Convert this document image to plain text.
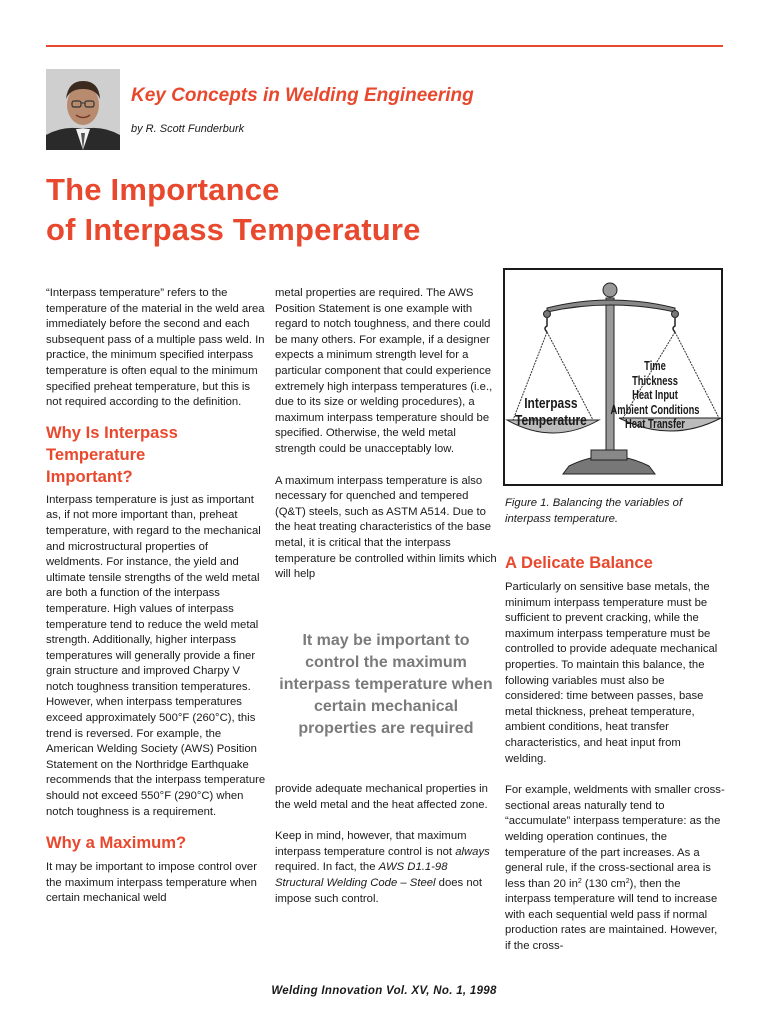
Key Concepts in Welding Engineering
by R. Scott Funderburk
The Importance
of Interpass Temperature

“Interpass temperature” refers to the temperature of the material in the weld area immediately before the second and each subsequent pass of a multiple pass weld. In practice, the minimum specified interpass temperature is often equal to the minimum specified preheat temperature, but this is not required according to the definition.

Why Is Interpass Temperature Important?

Interpass temperature is just as important as, if not more important than, preheat temperature, with regard to the mechanical and microstructural properties of weldments. For instance, the yield and ultimate tensile strengths of the weld metal are both a function of the interpass temperature. High values of interpass temperature tend to reduce the weld metal strength. Additionally, higher interpass temperatures will generally provide a finer grain structure and improved Charpy V notch toughness transition temperatures. However, when interpass temperatures exceed approximately 500°F (260°C), this trend is reversed. For example, the American Welding Society (AWS) Position Statement on the Northridge Earthquake recommends that the interpass temperature should not exceed 550°F (290°C) when notch toughness is a requirement.

Why a Maximum?

It may be important to impose control over the maximum interpass temperature when certain mechanical weld

metal properties are required. The AWS Position Statement is one example with regard to notch toughness, and there could be many others. For example, if a designer expects a minimum strength level for a particular component that could experience extremely high interpass temperatures (i.e., due to its size or welding procedures), a maximum interpass temperature should be specified. Otherwise, the weld metal strength could be unacceptably low.

A maximum interpass temperature is also necessary for quenched and tempered (Q&T) steels, such as ASTM A514. Due to the heat treating characteristics of the base metal, it is critical that the interpass temperature be controlled within limits which will help

It may be important to control the maximum interpass temperature when certain mechanical properties are required

provide adequate mechanical properties in the weld metal and the heat affected zone.

Keep in mind, however, that maximum interpass temperature control is not always required. In fact, the AWS D1.1-98 Structural Welding Code – Steel does not impose such control.

Interpass
Temperature
Time
Thickness
Heat Input
Ambient Conditions
Heat Transfer
Figure 1. Balancing the variables of interpass temperature.
A Delicate Balance

Particularly on sensitive base metals, the minimum interpass temperature must be sufficient to prevent cracking, while the maximum interpass temperature must be controlled to provide adequate mechanical properties. To maintain this balance, the following variables must also be considered: time between passes, base metal thickness, preheat temperature, ambient conditions, heat transfer characteristics, and heat input from welding.

For example, weldments with smaller cross-sectional areas naturally tend to “accumulate” interpass temperature: as the welding operation continues, the temperature of the part increases. As a general rule, if the cross-sectional area is less than 20 $in^2$ (130 $cm^2$), then the interpass temperature will tend to increase with each sequential weld pass if normal production rates are maintained. However, if the cross-

Welding Innovation Vol. XV, No. 1, 1998
